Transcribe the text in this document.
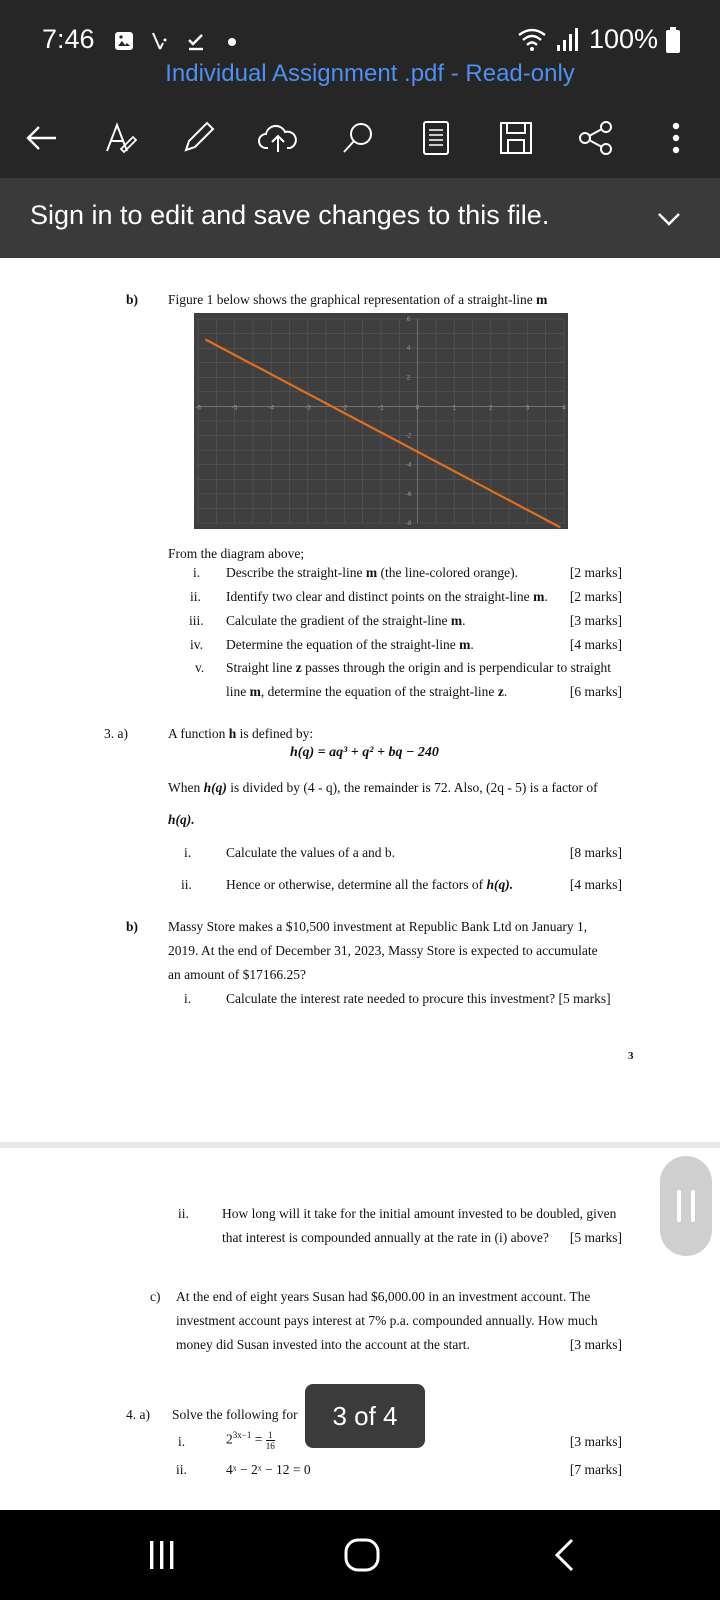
7:46	100%
Individual Assignment .pdf - Read-only
Sign in to edit and save changes to this file.
b) Figure 1 below shows the graphical representation of a straight-line m
-6	-5	-4	-3	-2	-1	0	1	2	3	4
6
4
2
-2
-4
-6
-8
From the diagram above;
i. Describe the straight-line m (the line-colored orange).	[2 marks]
ii. Identify two clear and distinct points on the straight-line m. [2 marks]
iii. Calculate the gradient of the straight-line m.	[3 marks]
iv. Determine the equation of the straight-line m.	[4 marks]
v. Straight line z passes through the origin and is perpendicular to straight
line m, determine the equation of the straight-line z.	[6 marks]
3. a)	A function h is defined by:
h(q) = aq³ + q² + bq − 240
When h(q) is divided by (4 - q), the remainder is 72. Also, (2q - 5) is a factor of
h(q).
i.	Calculate the values of a and b.	[8 marks]
ii.	Hence or otherwise, determine all the factors of h(q).	[4 marks]
b) Massy Store makes a $10,500 investment at Republic Bank Ltd on January 1,
2019. At the end of December 31, 2023, Massy Store is expected to accumulate
an amount of $17166.25?
i.	Calculate the interest rate needed to procure this investment? [5 marks]
3
ii. How long will it take for the initial amount invested to be doubled, given
that interest is compounded annually at the rate in (i) above? [5 marks]
c) At the end of eight years Susan had $6,000.00 in an investment account. The
investment account pays interest at 7% p.a. compounded annually. How much
money did Susan invested into the account at the start.	[3 marks]
4. a) Solve the following for
i.	$2^{3x-1} = \frac{1}{16}$	[3 marks]
ii.	4ˣ − 2ˣ − 12 = 0	[7 marks]
3 of 4
